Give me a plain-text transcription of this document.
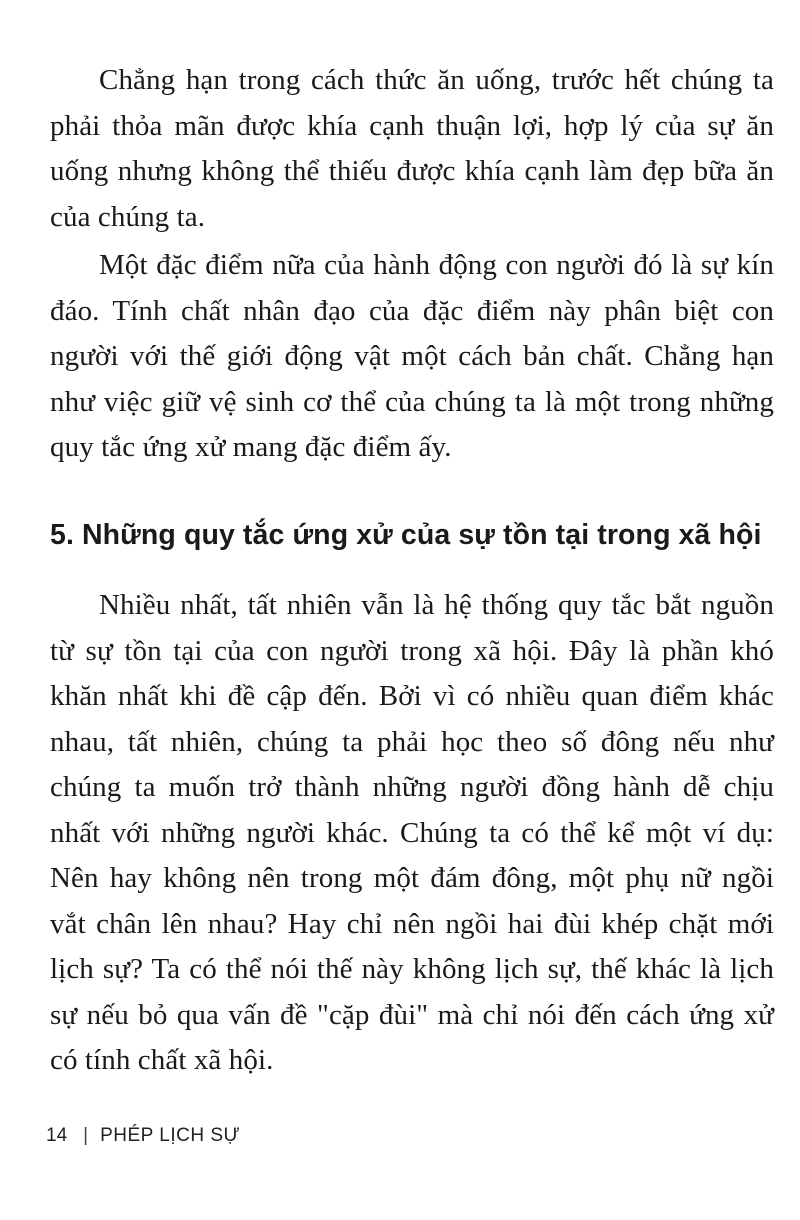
Chẳng hạn trong cách thức ăn uống, trước hết chúng ta phải thỏa mãn được khía cạnh thuận lợi, hợp lý của sự ăn uống nhưng không thể thiếu được khía cạnh làm đẹp bữa ăn của chúng ta.

Một đặc điểm nữa của hành động con người đó là sự kín đáo. Tính chất nhân đạo của đặc điểm này phân biệt con người với thế giới động vật một cách bản chất. Chẳng hạn như việc giữ vệ sinh cơ thể của chúng ta là một trong những quy tắc ứng xử mang đặc điểm ấy.

5. Những quy tắc ứng xử của sự tồn tại trong xã hội

Nhiều nhất, tất nhiên vẫn là hệ thống quy tắc bắt nguồn từ sự tồn tại của con người trong xã hội. Đây là phần khó khăn nhất khi đề cập đến. Bởi vì có nhiều quan điểm khác nhau, tất nhiên, chúng ta phải học theo số đông nếu như chúng ta muốn trở thành những người đồng hành dễ chịu nhất với những người khác. Chúng ta có thể kể một ví dụ: Nên hay không nên trong một đám đông, một phụ nữ ngồi vắt chân lên nhau? Hay chỉ nên ngồi hai đùi khép chặt mới lịch sự? Ta có thể nói thế này không lịch sự, thế khác là lịch sự nếu bỏ qua vấn đề "cặp đùi" mà chỉ nói đến cách ứng xử có tính chất xã hội.

14 | PHÉP LỊCH SỰ
